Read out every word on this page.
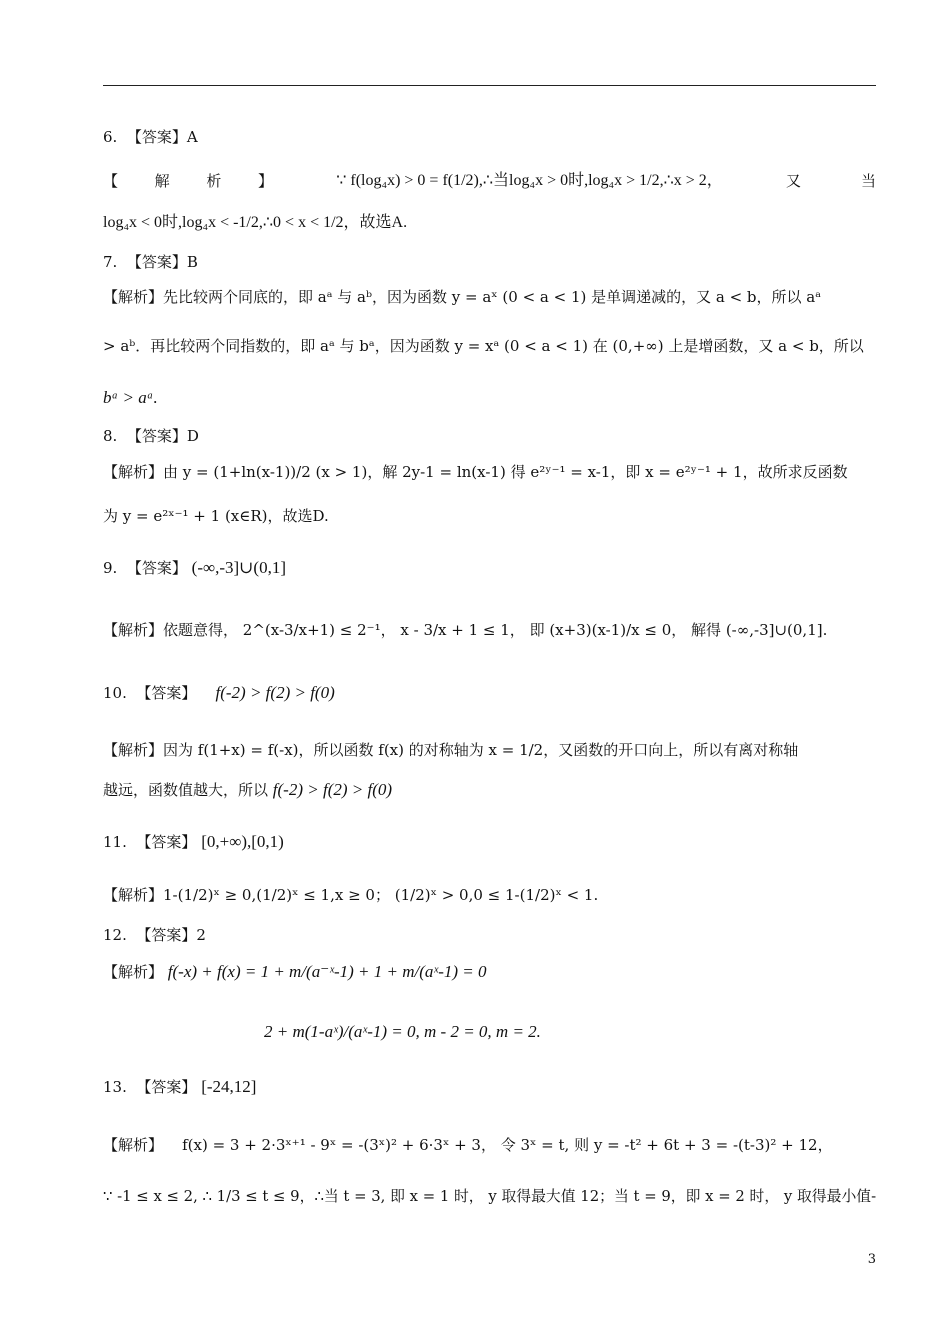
6. 【答案】A
【 解 析 】	∵ f(log₄x) > 0 = f(1/2),∴当log₄x > 0时,log₄x > 1/2,∴x > 2，	又	当
log₄x < 0时,log₄x < -1/2,∴0 < x < 1/2，故选A.
7. 【答案】B
【解析】先比较两个同底的，即 aᵃ 与 aᵇ，因为函数 y = aˣ (0 < a < 1) 是单调递减的，又 a < b，所以 aᵃ
> aᵇ．再比较两个同指数的，即 aᵃ 与 bᵃ，因为函数 y = xᵃ (0 < a < 1) 在 (0,+∞) 上是增函数，又 a < b，所以
bᵃ > aᵃ.
8. 【答案】D
【解析】由 y = (1+ln(x-1))/2 (x > 1)，解 2y-1 = ln(x-1) 得 e²ʸ⁻¹ = x-1，即 x = e²ʸ⁻¹ + 1，故所求反函数
为 y = e²ˣ⁻¹ + 1 (x∈R)，故选D.
9. 【答案】 (-∞,-3]∪(0,1]
【解析】依题意得， 2^(x-3/x+1) ≤ 2⁻¹， x - 3/x + 1 ≤ 1， 即 (x+3)(x-1)/x ≤ 0， 解得 (-∞,-3]∪(0,1].
10. 【答案】 f(-2) > f(2) > f(0)
【解析】因为 f(1+x) = f(-x)，所以函数 f(x) 的对称轴为 x = 1/2，又函数的开口向上，所以有离对称轴
越远，函数值越大，所以 f(-2) > f(2) > f(0)
11. 【答案】 [0,+∞),[0,1)
【解析】1-(1/2)ˣ ≥ 0,(1/2)ˣ ≤ 1,x ≥ 0； (1/2)ˣ > 0,0 ≤ 1-(1/2)ˣ < 1.
12. 【答案】2
【解析】 f(-x) + f(x) = 1 + m/(a⁻ˣ-1) + 1 + m/(aˣ-1) = 0
2 + m(1-aˣ)/(aˣ-1) = 0, m - 2 = 0, m = 2.
13. 【答案】 [-24,12]
【解析】 f(x) = 3 + 2·3ˣ⁺¹ - 9ˣ = -(3ˣ)² + 6·3ˣ + 3， 令 3ˣ = t, 则 y = -t² + 6t + 3 = -(t-3)² + 12，
∵ -1 ≤ x ≤ 2, ∴ 1/3 ≤ t ≤ 9，∴当 t = 3, 即 x = 1 时， y 取得最大值 12；当 t = 9，即 x = 2 时， y 取得最小值-
3
